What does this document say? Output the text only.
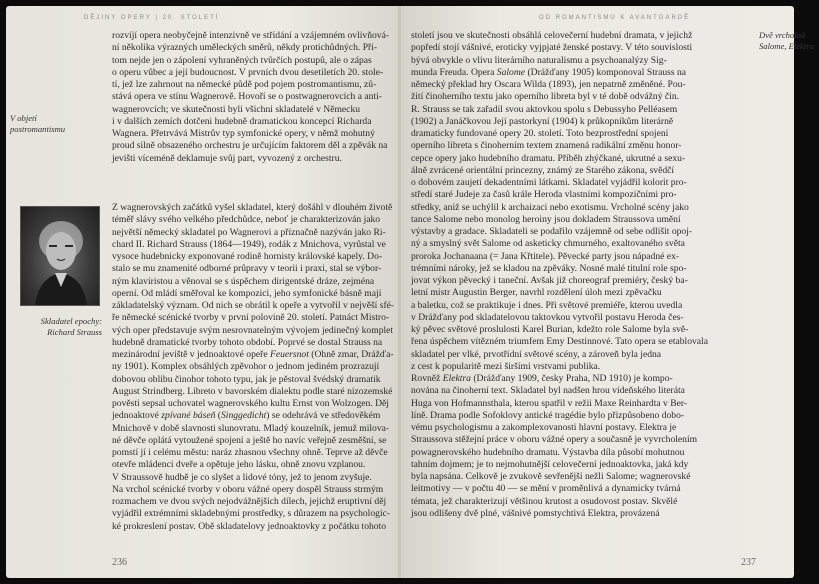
DĚJINY OPERY | 20. STOLETÍ
V objetí
postromantismu
Skladatel epochy:
Richard Strauss
rozvíjí opera neobyčejně intenzivně ve střídání a vzájemném ovlivňová-
ní několika výrazných uměleckých směrů, někdy protichůdných. Při-
tom nejde jen o zápolení vyhraněných tvůrčích postupů, ale o zápas
o operu vůbec a její budoucnost. V prvních dvou desetiletích 20. stole-
tí, jež lze zahrnout na německé půdě pod pojem postromantismu, zů-
stává opera ve stínu Wagnerově. Hovoří se o postwagnerovcích a anti-
wagnerovcích; ve skutečnosti byli všichni skladatelé v Německu
i v dalších zemích dotčeni hudebně dramatickou koncepcí Richarda
Wagnera. Přetrvává Mistrův typ symfonické opery, v němž mohutný
proud silně obsazeného orchestru je určujícím faktorem děl a zpěvák na
jevišti víceméně deklamuje svůj part, vyvozený z orchestru.
Z wagnerovských začátků vyšel skladatel, který došáhl v dlouhém životě
téměř slávy svého velkého předchůdce, neboť je charakterizován jako
největší německý skladatel po Wagnerovi a příznačně nazýván jako Ri-
chard II. Richard Strauss (1864—1949), rodák z Mnichova, vyrůstal ve
vysoce hudebnicky exponované rodině hornisty královské kapely. Do-
stalo se mu znamenité odborné průpravy v teorii i praxi, stal se výbor-
ným klavíristou a věnoval se s úspěchem dirigentské dráze, zejména
operní. Od mládí směřoval ke kompozici, jeho symfonické básně mají
základatelský význam. Od nich se obrátil k opeře a vytvořil v nejvěší sfé-
ře německé scénické tvorby v první polovině 20. století. Patnáct Mistro-
vých oper představuje svým nesrovnatelným vývojem jedinečný komplet
hudebně dramatické tvorby tohoto období. Poprvé se dostal Strauss na
mezinárodní jeviště v jednoaktové opeře Feuersnot (Ohně zmar, Drážďa-
ny 1901). Komplex obsáhlých zpěvohor o jednom jediném prozrazují
dobovou oblibu činohor tohoto typu, jak je pěstoval švédský dramatik
August Strindberg. Libreto v bavorském dialektu podle staré nizozemské
pověsti sepsal uchovatel wagnerovského kultu Ernst von Wolzogen. Děj
jednoaktové zpívané báseň (Singgedicht) se odehrává ve středověkém
Mnichově v době slavnosti slunovratu. Mladý kouzelník, jemuž milova-
né děvče oplátá vytoužené spojení a ještě ho navíc veřejně zesměšní, se
pomstí jí i celému městu: naráz zhasnou všechny ohně. Teprve až děvče
otevře mládenci dveře a opětuje jeho lásku, ohně znovu vzplanou.
V Straussově hudbě je co slyšet a lidové tóny, jež to jenom zvyšuje.
Na vrchol scénické tvorby v oboru vážné opery dospěl Strauss strmým
rozmachem ve dvou svých nejodvážnějších dílech, jejichž eruptivní děj
vyjádřil extrémními skladebnými prostředky, s důrazem na psychologic-
ké prokreslení postav. Obě skladatelovy jednoaktovky z počátku tohoto
236
OD ROMANTISMU K AVANTGARDĚ
století jsou ve skutečnosti obsáhlá celovečerní hudební dramata, v jejichž
popředí stojí vášnivé, eroticky vyjpjaté ženské postavy. V této souvislosti
bývá obvykle o vlivu literárního naturalismu a psychoanalýzy Sig-
munda Freuda. Opera Salome (Drážďany 1905) komponoval Strauss na
německý překlad hry Oscara Wilda (1893), jen nepatrně změněné. Pou-
žití činoherního textu jako operního libreta byl v té době odvážný čin.
R. Strauss se tak zařadil svou aktovkou spolu s Debussyho Pelléasem
(1902) a Janáčkovou Její pastorkyní (1904) k průkopníkům literárně
dramaticky fundované opery 20. století. Toto bezprostřední spojení
operního libreta s činoherním textem znamená radikální změnu honor-
cepce opery jako hudebního dramatu. Příběh zhýčkané, ukrutné a sexu-
álně zvrácené orientální princezny, známý ze Starého zákona, svědčí
o dobovém zaujetí dekadentními látkami. Skladatel vyjádřil kolorit pro-
středí staré Judeje za časů krále Heroda vlastními kompozičními pro-
středky, aniž se uchýlil k archaizaci nebo exotismu. Vrcholné scény jako
tance Salome nebo monolog heroiny jsou dokladem Straussova umění
výstavby a gradace. Skladateli se podařilo vzájemně od sebe odlišit opoj-
ný a smyslný svět Salome od asketicky chmurného, exaltovaného světa
proroka Jochanaana (= Jana Křtitele). Pěvecké party jsou nápadné ex-
trémními nároky, jež se kladou na zpěváky. Nosné malé titulní role spo-
jovat výkon pěvecký i taneční. Avšak již choreograf premiéry, český ba-
letní mistr Augustin Berger, navrhl rozdělení úloh mezi zpěvačku
a baletku, což se praktikuje i dnes. Při světové premiéře, kterou uvedla
v Drážďany pod skladatelovou taktovkou vytvořil postavu Heroda čes-
ký pěvec světové proslulosti Karel Burian, kdežto role Salome byla svě-
řena úspěchem vítězném triumfem Emy Destinnové. Tato opera se etablovala
skladatel per vlké, prvotřídní světové scény, a zároveň byla jedna
z cest k popularitě mezi širšími vrstvami publika.
Rovněž Elektra (Drážďany 1909, česky Praha, ND 1910) je kompo-
nována na činoherní text. Skladatel byl nadšen hrou vídeňského literáta
Huga von Hofmannsthala, kterou spatřil v režii Maxe Reinhardta v Ber-
líně. Drama podle Sofoklovy antické tragédie bylo přizpůsobeno dobo-
vému psychologismu a zakomplexovanosti hlavní postavy. Elektra je
Straussova stěžejní práce v oboru vážné opery a současně je vyvrcholením
powagnerovského hudebního dramatu. Výstavba díla působí mohutnou
tahním dojmem; je to nejmohutnější celovečerní jednoaktovka, jaká kdy
byla napsána. Celkově je zvukově sevřenější nežli Salome; wagnerovské
leitmotivy — v počtu 40 — se mění v proměnlivá a dynamicky tvárná
témata, jež charakterizují většinou krutost a osudovost postav. Skvělé
jsou odlišeny dvě plné, vášnivé pomstychtivá Elektra, provázená
Dvě vrcholná
Salome, Elektra
237
